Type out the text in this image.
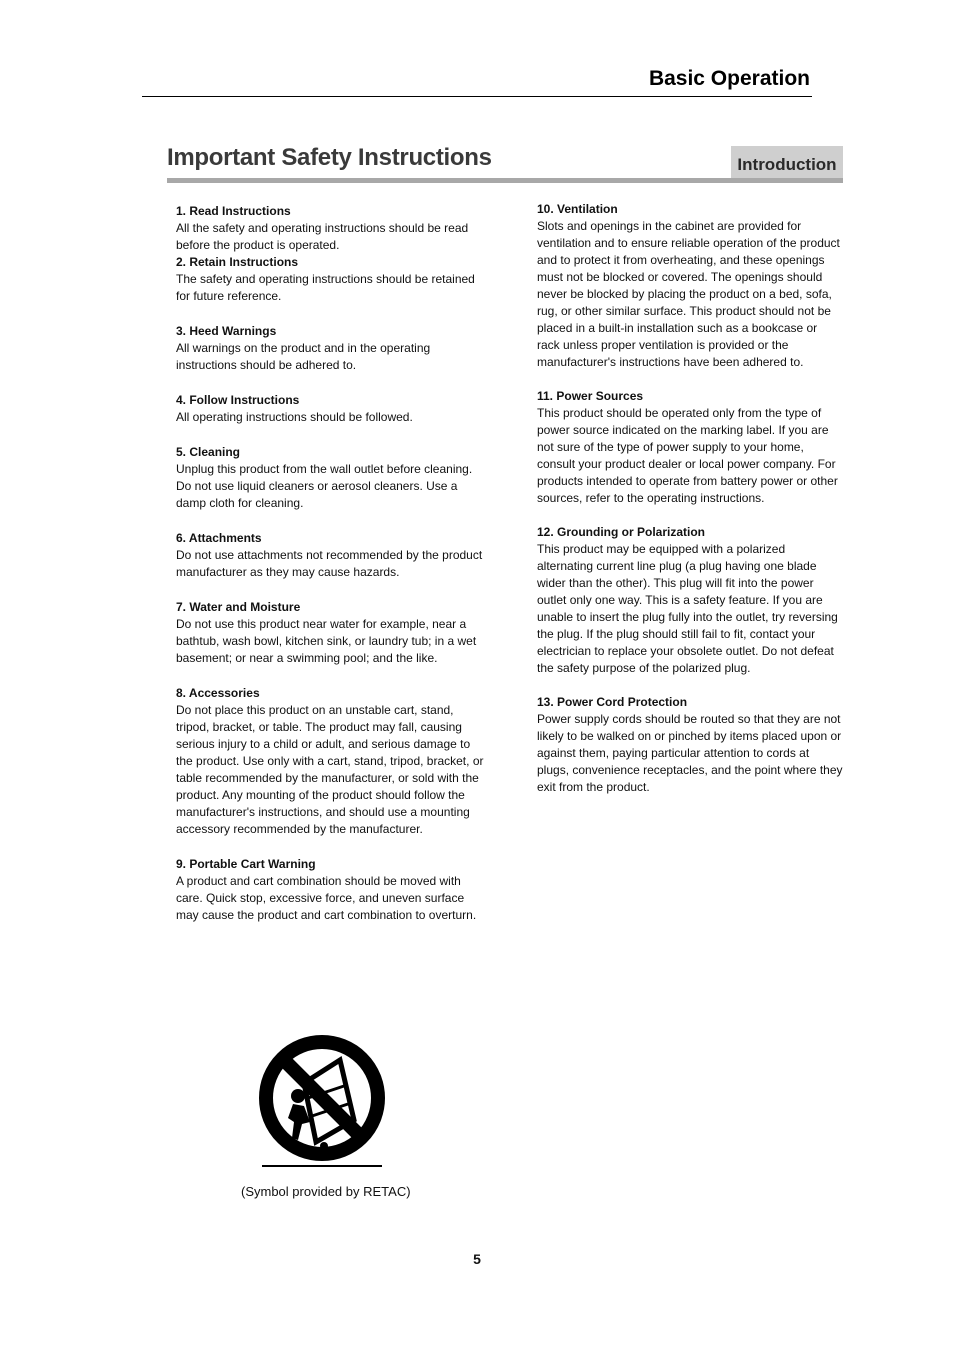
Basic Operation
Important Safety Instructions	Introduction
1. Read Instructions
All the safety and operating instructions should be read before the product is operated.
2. Retain Instructions
The safety and operating instructions should be retained for future reference.
3. Heed Warnings
All warnings on the product and in the operating instructions should be adhered to.
4. Follow Instructions
All operating instructions should be followed.
5. Cleaning
Unplug this product from the wall outlet before cleaning. Do not use liquid cleaners or aerosol cleaners. Use a damp cloth for cleaning.
6. Attachments
Do not use attachments not recommended by the product manufacturer as they may cause hazards.
7. Water and Moisture
Do not use this product near water for example, near a bathtub, wash bowl, kitchen sink, or laundry tub; in a wet basement; or near a swimming pool; and the like.
8. Accessories
Do not place this product on an unstable cart, stand, tripod, bracket, or table. The product may fall, causing serious injury to a child or adult, and serious damage to the product. Use only with a cart, stand, tripod, bracket, or table recommended by the manufacturer, or sold with the product. Any mounting of the product should follow the manufacturer's instructions, and should use a mounting accessory recommended by the manufacturer.
9. Portable Cart Warning
A product and cart combination should be moved with care. Quick stop, excessive force, and uneven surface may cause the product and cart combination to overturn.
10. Ventilation
Slots and openings in the cabinet are provided for ventilation and to ensure reliable operation of the product and to protect it from overheating, and these openings must not be blocked or covered. The openings should never be blocked by placing the product on a bed, sofa, rug, or other similar surface. This product should not be placed in a built-in installation such as a bookcase or rack unless proper ventilation is provided or the manufacturer's instructions have been adhered to.
11. Power Sources
This product should be operated only from the type of power source indicated on the marking label. If you are not sure of the type of power supply to your home, consult your product dealer or local power company. For products intended to operate from battery power or other sources, refer to the operating instructions.
12. Grounding or Polarization
This product may be equipped with a polarized alternating current line plug (a plug having one blade wider than the other). This plug will fit into the power outlet only one way. This is a safety feature. If you are unable to insert the plug fully into the outlet, try reversing the plug. If the plug should still fail to fit, contact your electrician to replace your obsolete outlet. Do not defeat the safety purpose of the polarized plug.
13. Power Cord Protection
Power supply cords should be routed so that they are not likely to be walked on or pinched by items placed upon or against them, paying particular attention to cords at plugs, convenience receptacles, and the point where they exit from the product.
(Symbol provided by RETAC)
5
